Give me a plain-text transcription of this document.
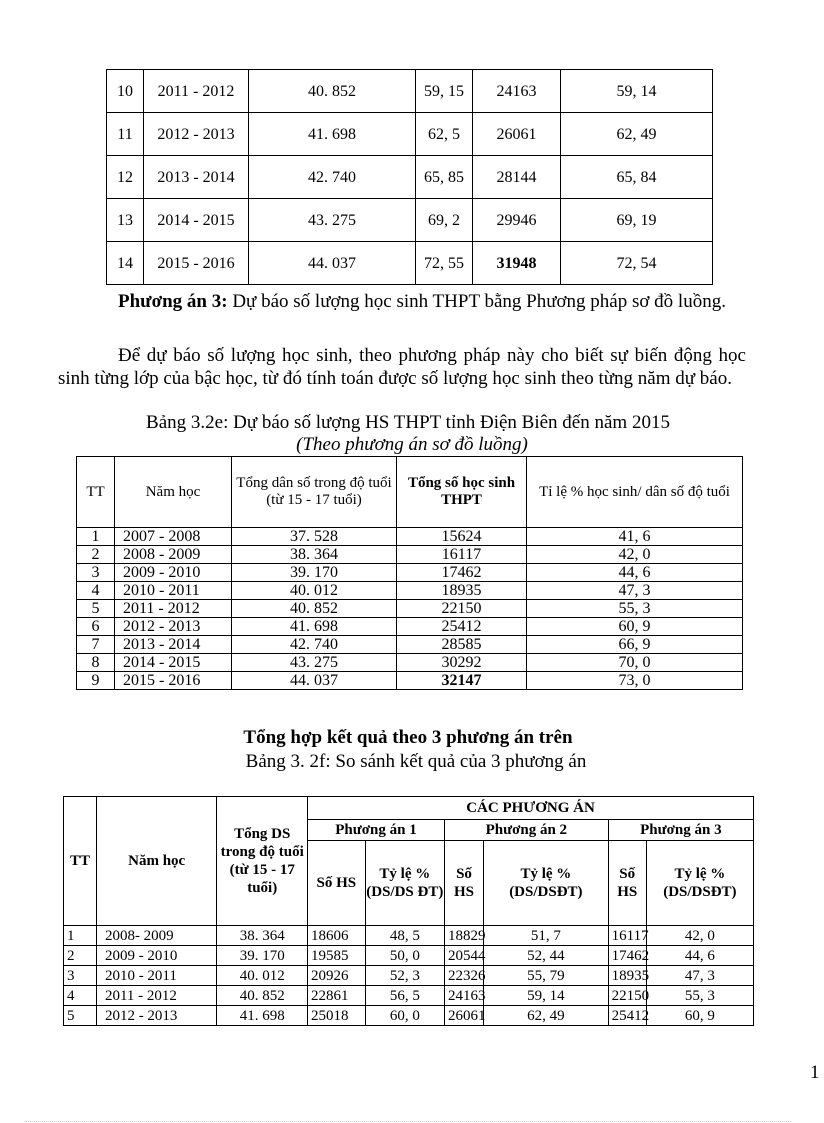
10	2011 - 2012	40. 852	59, 15	24163	59, 14
11	2012 - 2013	41. 698	62, 5	26061	62, 49
12	2013 - 2014	42. 740	65, 85	28144	65, 84
13	2014 - 2015	43. 275	69, 2	29946	69, 19
14	2015 - 2016	44. 037	72, 55	31948	72, 54

Phương án 3: Dự báo số lượng học sinh THPT bằng Phương pháp sơ đồ luồng.

Để dự báo số lượng học sinh, theo phương pháp này cho biết sự biến động học sinh từng lớp của bậc học, từ đó tính toán được số lượng học sinh theo từng năm dự báo.

Bảng 3.2e: Dự báo số lượng HS THPT tỉnh Điện Biên đến năm 2015

(Theo phương án sơ đồ luồng)

TT	Năm học	Tổng dân số trong độ tuổi (từ 15 - 17 tuổi)	Tổng số học sinh THPT	Tỉ lệ % học sinh/ dân số độ tuổi
1	2007 - 2008	37. 528	15624	41, 6
2	2008 - 2009	38. 364	16117	42, 0
3	2009 - 2010	39. 170	17462	44, 6
4	2010 - 2011	40. 012	18935	47, 3
5	2011 - 2012	40. 852	22150	55, 3
6	2012 - 2013	41. 698	25412	60, 9
7	2013 - 2014	42. 740	28585	66, 9
8	2014 - 2015	43. 275	30292	70, 0
9	2015 - 2016	44. 037	32147	73, 0

Tổng hợp kết quả theo 3 phương án trên

Bảng 3. 2f: So sánh kết quả của 3 phương án

TT	Năm học	Tổng DS trong độ tuổi (từ 15 - 17 tuổi)	CÁC PHƯƠNG ÁN					
			Phương án 1		Phương án 2		Phương án 3	
			Số HS	Tỷ lệ % (DS/DS ĐT)	Số HS	Tỷ lệ % (DS/DSĐT)	Số HS	Tỷ lệ % (DS/DSĐT)
1	2008- 2009	38. 364	18606	48, 5	18829	51, 7	16117	42, 0
2	2009 - 2010	39. 170	19585	50, 0	20544	52, 44	17462	44, 6
3	2010 - 2011	40. 012	20926	52, 3	22326	55, 79	18935	47, 3
4	2011 - 2012	40. 852	22861	56, 5	24163	59, 14	22150	55, 3
5	2012 - 2013	41. 698	25018	60, 0	26061	62, 49	25412	60, 9
1
